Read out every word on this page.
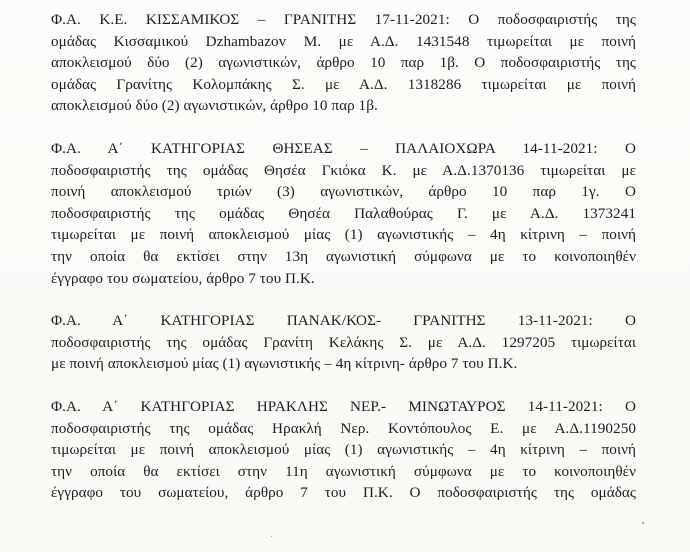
Φ.Α. Κ.Ε. ΚΙΣΣΑΜΙΚΟΣ – ΓΡΑΝΙΤΗΣ 17-11-2021: Ο ποδοσφαιριστής της
ομάδας Κισσαμικού Dzhambazov Μ. με Α.Δ. 1431548 τιμωρείται με ποινή
αποκλεισμού δύο (2) αγωνιστικών, άρθρο 10 παρ 1β. Ο ποδοσφαιριστής της
ομάδας Γρανίτης Κολομπάκης Σ. με Α.Δ. 1318286 τιμωρείται με ποινή
αποκλεισμού δύο (2) αγωνιστικών, άρθρο 10 παρ 1β.

Φ.Α. Α΄ ΚΑΤΗΓΟΡΙΑΣ ΘΗΣΕΑΣ – ΠΑΛΑΙΟΧΩΡΑ 14-11-2021: Ο
ποδοσφαιριστής της ομάδας Θησέα Γκιόκα Κ. με Α.Δ.1370136 τιμωρείται με
ποινή αποκλεισμού τριών (3) αγωνιστικών, άρθρο 10 παρ 1γ. Ο
ποδοσφαιριστής της ομάδας Θησέα Παλαθούρας Γ. με Α.Δ. 1373241
τιμωρείται με ποινή αποκλεισμού μίας (1) αγωνιστικής – 4η κίτρινη – ποινή
την οποία θα εκτίσει στην 13η αγωνιστική σύμφωνα με το κοινοποιηθέν
έγγραφο του σωματείου, άρθρο 7 του Π.Κ.

Φ.Α. Α΄ ΚΑΤΗΓΟΡΙΑΣ ΠΑΝΑΚ/ΚΟΣ- ΓΡΑΝΙΤΗΣ 13-11-2021: Ο
ποδοσφαιριστής της ομάδας Γρανίτη Κελάκης Σ. με Α.Δ. 1297205 τιμωρείται
με ποινή αποκλεισμού μίας (1) αγωνιστικής – 4η κίτρινη- άρθρο 7 του Π.Κ.

Φ.Α. Α΄ ΚΑΤΗΓΟΡΙΑΣ ΗΡΑΚΛΗΣ ΝΕΡ.- ΜΙΝΩΤΑΥΡΟΣ 14-11-2021: Ο
ποδοσφαιριστής της ομάδας Ηρακλή Νερ. Κοντόπουλος Ε. με Α.Δ.1190250
τιμωρείται με ποινή αποκλεισμού μίας (1) αγωνιστικής – 4η κίτρινη – ποινή
την οποία θα εκτίσει στην 11η αγωνιστική σύμφωνα με το κοινοποιηθέν
έγγραφο του σωματείου, άρθρο 7 του Π.Κ. Ο ποδοσφαιριστής της ομάδας
